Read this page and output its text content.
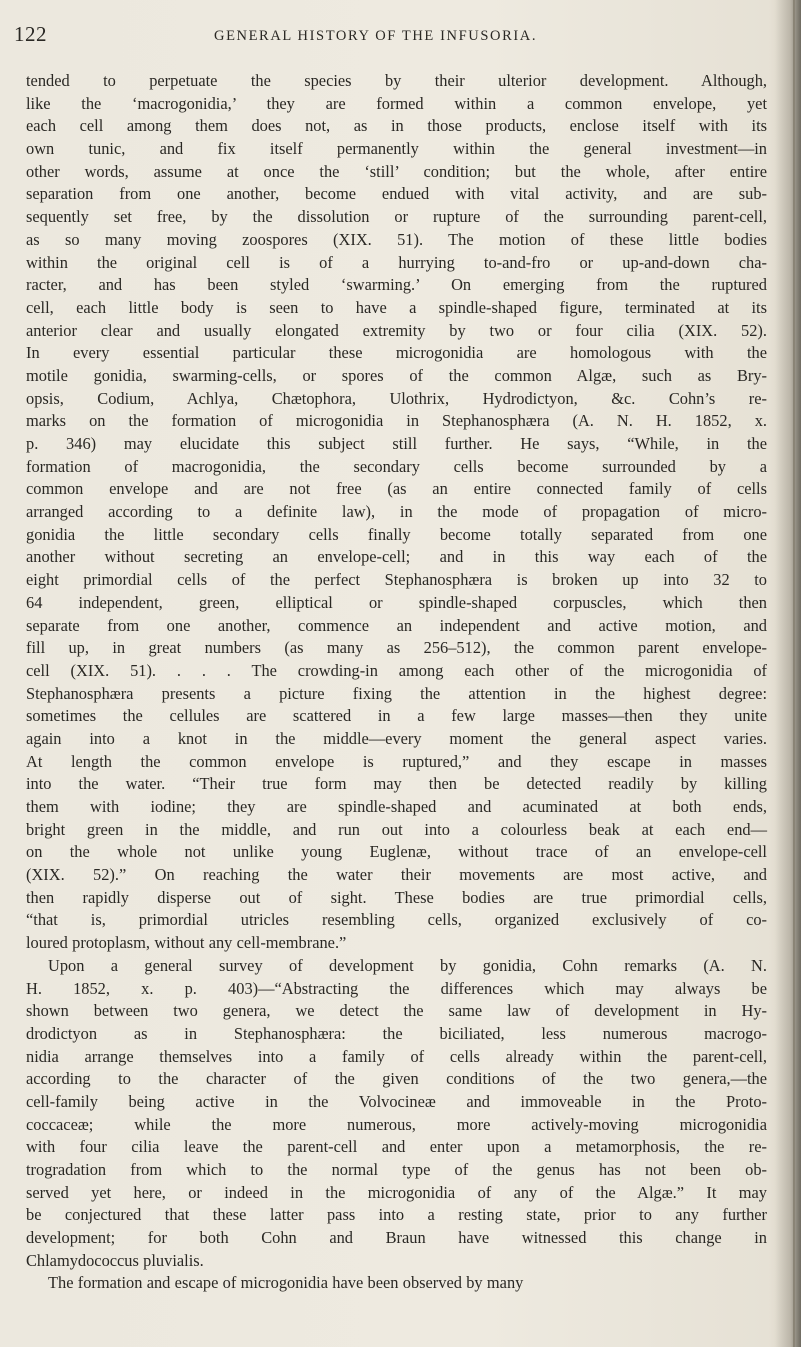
122	GENERAL HISTORY OF THE INFUSORIA.
tended to perpetuate the species by their ulterior development. Although,
like the ‘macrogonidia,’ they are formed within a common envelope, yet
each cell among them does not, as in those products, enclose itself with its
own tunic, and fix itself permanently within the general investment—in
other words, assume at once the ‘still’ condition; but the whole, after entire
separation from one another, become endued with vital activity, and are sub-
sequently set free, by the dissolution or rupture of the surrounding parent-cell,
as so many moving zoospores (XIX. 51). The motion of these little bodies
within the original cell is of a hurrying to-and-fro or up-and-down cha-
racter, and has been styled ‘swarming.’ On emerging from the ruptured
cell, each little body is seen to have a spindle-shaped figure, terminated at its
anterior clear and usually elongated extremity by two or four cilia (XIX. 52).
In every essential particular these microgonidia are homologous with the
motile gonidia, swarming-cells, or spores of the common Algæ, such as Bry-
opsis, Codium, Achlya, Chætophora, Ulothrix, Hydrodictyon, &c. Cohn’s re-
marks on the formation of microgonidia in Stephanosphæra (A. N. H. 1852, x.
p. 346) may elucidate this subject still further. He says, “While, in the
formation of macrogonidia, the secondary cells become surrounded by a
common envelope and are not free (as an entire connected family of cells
arranged according to a definite law), in the mode of propagation of micro-
gonidia the little secondary cells finally become totally separated from one
another without secreting an envelope-cell; and in this way each of the
eight primordial cells of the perfect Stephanosphæra is broken up into 32 to
64 independent, green, elliptical or spindle-shaped corpuscles, which then
separate from one another, commence an independent and active motion, and
fill up, in great numbers (as many as 256–512), the common parent envelope-
cell (XIX. 51). . . . The crowding-in among each other of the microgonidia of
Stephanosphæra presents a picture fixing the attention in the highest degree:
sometimes the cellules are scattered in a few large masses—then they unite
again into a knot in the middle—every moment the general aspect varies.
At length the common envelope is ruptured,” and they escape in masses
into the water. “Their true form may then be detected readily by killing
them with iodine; they are spindle-shaped and acuminated at both ends,
bright green in the middle, and run out into a colourless beak at each end—
on the whole not unlike young Euglenæ, without trace of an envelope-cell
(XIX. 52).” On reaching the water their movements are most active, and
then rapidly disperse out of sight. These bodies are true primordial cells,
“that is, primordial utricles resembling cells, organized exclusively of co-
loured protoplasm, without any cell-membrane.”
Upon a general survey of development by gonidia, Cohn remarks (A. N.
H. 1852, x. p. 403)—“Abstracting the differences which may always be
shown between two genera, we detect the same law of development in Hy-
drodictyon as in Stephanosphæra: the biciliated, less numerous macrogo-
nidia arrange themselves into a family of cells already within the parent-cell,
according to the character of the given conditions of the two genera,—the
cell-family being active in the Volvocineæ and immoveable in the Proto-
coccaceæ; while the more numerous, more actively-moving microgonidia
with four cilia leave the parent-cell and enter upon a metamorphosis, the re-
trogradation from which to the normal type of the genus has not been ob-
served yet here, or indeed in the microgonidia of any of the Algæ.” It may
be conjectured that these latter pass into a resting state, prior to any further
development; for both Cohn and Braun have witnessed this change in
Chlamydococcus pluvialis.
The formation and escape of microgonidia have been observed by many
